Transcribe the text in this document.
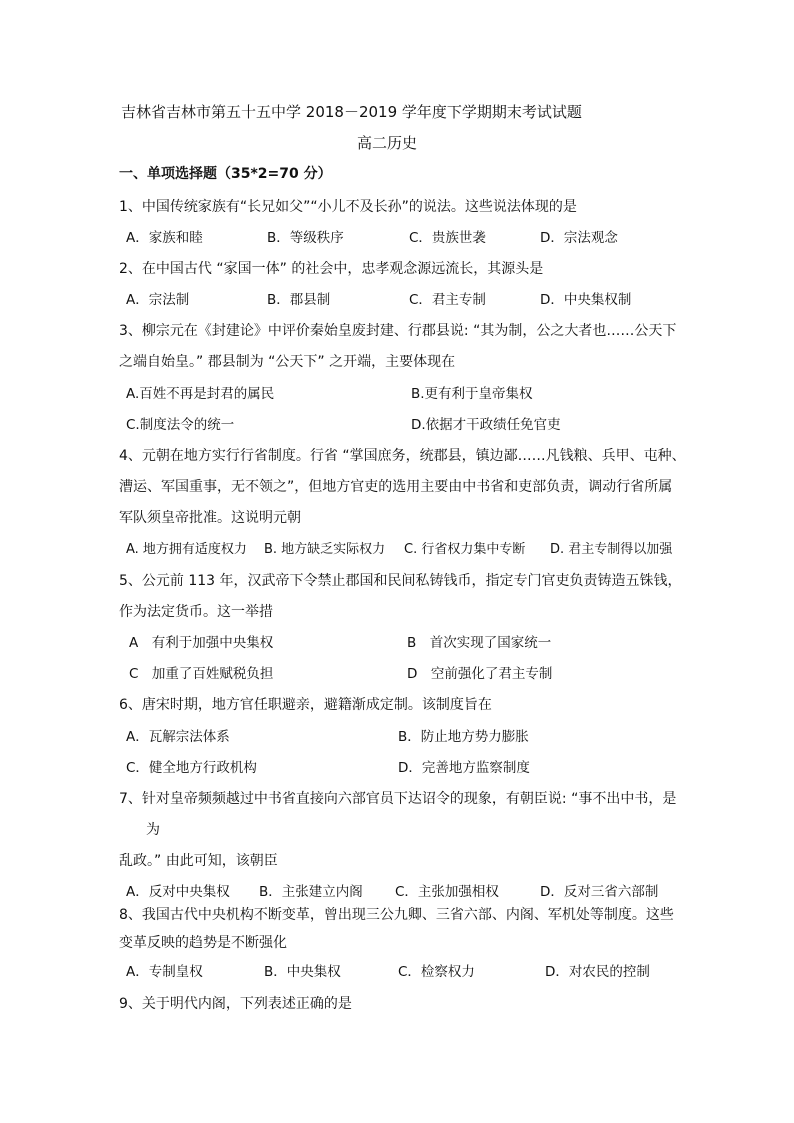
吉林省吉林市第五十五中学 2018－2019 学年度下学期期末考试试题
高二历史
一、单项选择题（35*2=70 分）
1、中国传统家族有“长兄如父”“小儿不及长孙”的说法。这些说法体现的是
A．家族和睦	B．等级秩序	C．贵族世袭	D．宗法观念
2、在中国古代 “家国一体” 的社会中，忠孝观念源远流长，其源头是
A．宗法制	B．郡县制	C．君主专制	D．中央集权制
3、柳宗元在《封建论》中评价秦始皇废封建、行郡县说: “其为制，公之大者也……公天下
之端自始皇。” 郡县制为 “公天下” 之开端，主要体现在
A.百姓不再是封君的属民	B.更有利于皇帝集权
C.制度法令的统一	D.依据才干政绩任免官吏
4、元朝在地方实行行省制度。行省 “掌国庶务，统郡县，镇边鄙……凡钱粮、兵甲、屯种、
漕运、军国重事，无不领之”，但地方官吏的选用主要由中书省和吏部负责，调动行省所属
军队须皇帝批准。这说明元朝
A. 地方拥有适度权力 B. 地方缺乏实际权力 C. 行省权力集中专断 D. 君主专制得以加强
5、公元前 113 年，汉武帝下令禁止郡国和民间私铸钱币，指定专门官吏负责铸造五铢钱，
作为法定货币。这一举措
A　有利于加强中央集权	B　首次实现了国家统一
C　加重了百姓赋税负担	D　空前强化了君主专制
6、唐宋时期，地方官任职避亲，避籍渐成定制。该制度旨在
A．瓦解宗法体系	B．防止地方势力膨胀
C．健全地方行政机构	D．完善地方监察制度
7、针对皇帝频频越过中书省直接向六部官员下达诏令的现象，有朝臣说: “事不出中书，是
为
乱政。” 由此可知，该朝臣
A．反对中央集权 B．主张建立内阁 C．主张加强相权	D．反对三省六部制
8、我国古代中央机构不断变革，曾出现三公九卿、三省六部、内阁、军机处等制度。这些
变革反映的趋势是不断强化
A．专制皇权	B．中央集权	C．检察权力	D．对农民的控制
9、关于明代内阁，下列表述正确的是
